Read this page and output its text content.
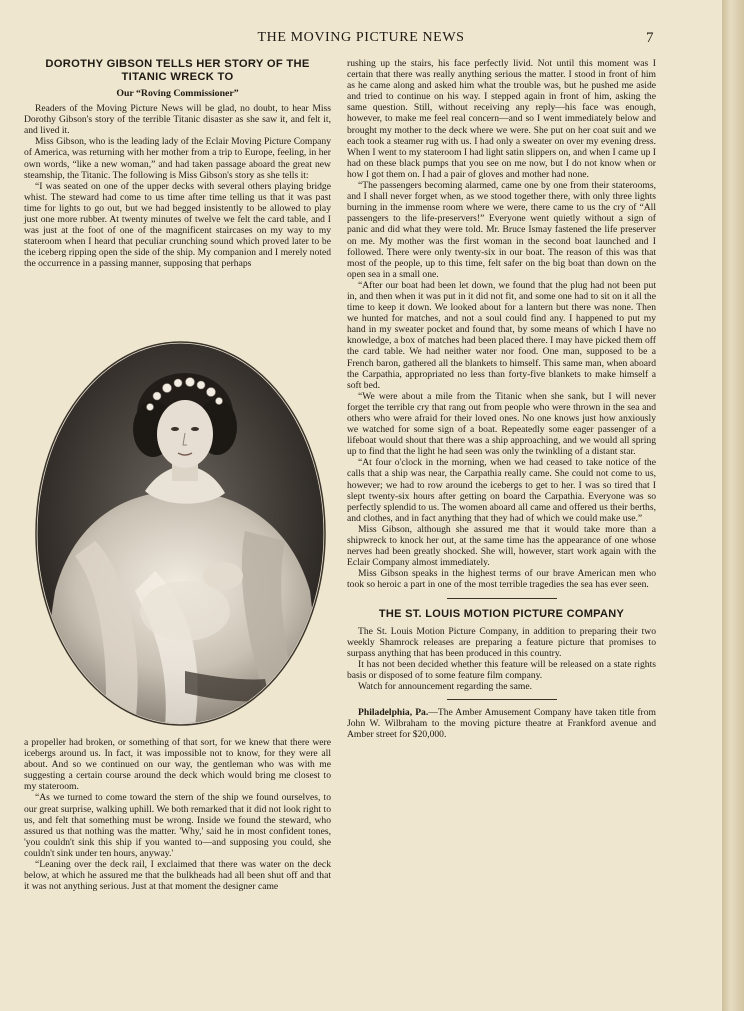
THE MOVING PICTURE NEWS	7
DOROTHY GIBSON TELLS HER STORY OF THE TITANIC WRECK TO
Our “Roving Commissioner”

Readers of the Moving Picture News will be glad, no doubt, to hear Miss Dorothy Gibson's story of the terrible Titanic disaster as she saw it, and felt it, and lived it.

Miss Gibson, who is the leading lady of the Eclair Moving Picture Company of America, was returning with her mother from a trip to Europe, feeling, in her own words, “like a new woman,” and had taken passage aboard the great new steamship, the Titanic. The following is Miss Gibson's story as she tells it:

“I was seated on one of the upper decks with several others playing bridge whist. The steward had come to us time after time telling us that it was past time for lights to go out, but we had begged insistently to be allowed to play just one more rubber. At twenty minutes of twelve we felt the card table, and I was just at the foot of one of the magnificent staircases on my way to my stateroom when I heard that peculiar crunching sound which proved later to be the iceberg ripping open the side of the ship. My companion and I merely noted the occurrence in a passing manner, supposing that perhaps

a propeller had broken, or something of that sort, for we knew that there were icebergs around us. In fact, it was impossible not to know, for they were all about. And so we continued on our way, the gentleman who was with me suggesting a certain course around the deck which would bring me closest to my stateroom.

“As we turned to come toward the stern of the ship we found ourselves, to our great surprise, walking uphill. We both remarked that it did not look right to us, and felt that something must be wrong. Inside we found the steward, who assured us that nothing was the matter. 'Why,' said he in most confident tones, 'you couldn't sink this ship if you wanted to—and supposing you could, she couldn't sink under ten hours, anyway.'

“Leaning over the deck rail, I exclaimed that there was water on the deck below, at which he assured me that the bulkheads had all been shut off and that it was not anything serious. Just at that moment the designer came

rushing up the stairs, his face perfectly livid. Not until this moment was I certain that there was really anything serious the matter. I stood in front of him as he came along and asked him what the trouble was, but he pushed me aside and tried to continue on his way. I stepped again in front of him, asking the same question. Still, without receiving any reply—his face was enough, however, to make me feel real concern—and so I went immediately below and brought my mother to the deck where we were. She put on her coat suit and we each took a steamer rug with us. I had only a sweater on over my evening dress. When I went to my stateroom I had light satin slippers on, and when I came up I had on these black pumps that you see on me now, but I do not know when or how I got them on. I had a pair of gloves and mother had none.

“The passengers becoming alarmed, came one by one from their staterooms, and I shall never forget when, as we stood together there, with only three lights burning in the immense room where we were, there came to us the cry of “All passengers to the life-preservers!” Everyone went quietly without a sign of panic and did what they were told. Mr. Bruce Ismay fastened the life preserver on me. My mother was the first woman in the second boat launched and I followed. There were only twenty-six in our boat. The reason of this was that most of the people, up to this time, felt safer on the big boat than down on the open sea in a small one.

“After our boat had been let down, we found that the plug had not been put in, and then when it was put in it did not fit, and some one had to sit on it all the time to keep it down. We looked about for a lantern but there was none. Then we hunted for matches, and not a soul could find any. I happened to put my hand in my sweater pocket and found that, by some means of which I have no knowledge, a box of matches had been placed there. I may have picked them off the card table. We had neither water nor food. One man, supposed to be a French baron, gathered all the blankets to himself. This same man, when aboard the Carpathia, appropriated no less than forty-five blankets to make himself a soft bed.

“We were about a mile from the Titanic when she sank, but I will never forget the terrible cry that rang out from people who were thrown in the sea and others who were afraid for their loved ones. No one knows just how anxiously we watched for some sign of a boat. Repeatedly some eager passenger of a lifeboat would shout that there was a ship approaching, and we would all spring up to find that the light he had seen was only the twinkling of a distant star.

“At four o'clock in the morning, when we had ceased to take notice of the calls that a ship was near, the Carpathia really came. She could not come to us, however; we had to row around the icebergs to get to her. I was so tired that I slept twenty-six hours after getting on board the Carpathia. Everyone was so perfectly splendid to us. The women aboard all came and offered us their berths, and clothes, and in fact anything that they had of which we could make use.”

Miss Gibson, although she assured me that it would take more than a shipwreck to knock her out, at the same time has the appearance of one whose nerves had been greatly shocked. She will, however, start work again with the Eclair Company almost immediately.

Miss Gibson speaks in the highest terms of our brave American men who took so heroic a part in one of the most terrible tragedies the sea has ever seen.

THE ST. LOUIS MOTION PICTURE COMPANY

The St. Louis Motion Picture Company, in addition to preparing their two weekly Shamrock releases are preparing a feature picture that promises to surpass anything that has been produced in this country.

It has not been decided whether this feature will be released on a state rights basis or disposed of to some feature film company.

Watch for announcement regarding the same.

Philadelphia, Pa.—The Amber Amusement Company have taken title from John W. Wilbraham to the moving picture theatre at Frankford avenue and Amber street for $20,000.
